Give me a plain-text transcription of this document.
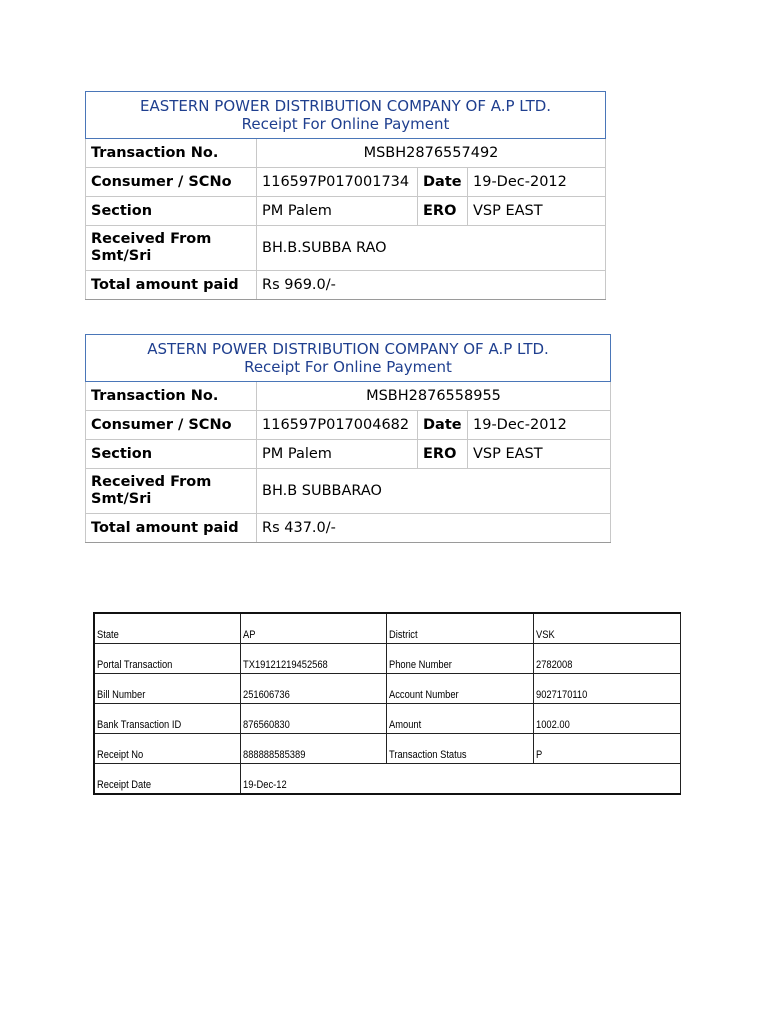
EASTERN POWER DISTRIBUTION COMPANY OF A.P LTD.
Receipt For Online Payment			

Transaction No.	MSBH2876557492		
Consumer / SCNo	116597P017001734	Date	19-Dec-2012
Section	PM Palem	ERO	VSP EAST

Received From
Smt/Sri	BH.B.SUBBA RAO		
Total amount paid	Rs 969.0/-		
ASTERN POWER DISTRIBUTION COMPANY OF A.P LTD.
Receipt For Online Payment			

Transaction No.	MSBH2876558955		
Consumer / SCNo	116597P017004682	Date	19-Dec-2012
Section	PM Palem	ERO	VSP EAST

Received From
Smt/Sri	BH.B SUBBARAO		
Total amount paid	Rs 437.0/-		
State	AP	District	VSK
Portal Transaction	TX19121219452568	Phone Number	2782008
Bill Number	251606736	Account Number	9027170110
Bank Transaction ID	876560830	Amount	1002.00
Receipt No	888888585389	Transaction Status	P
Receipt Date	19-Dec-12		
